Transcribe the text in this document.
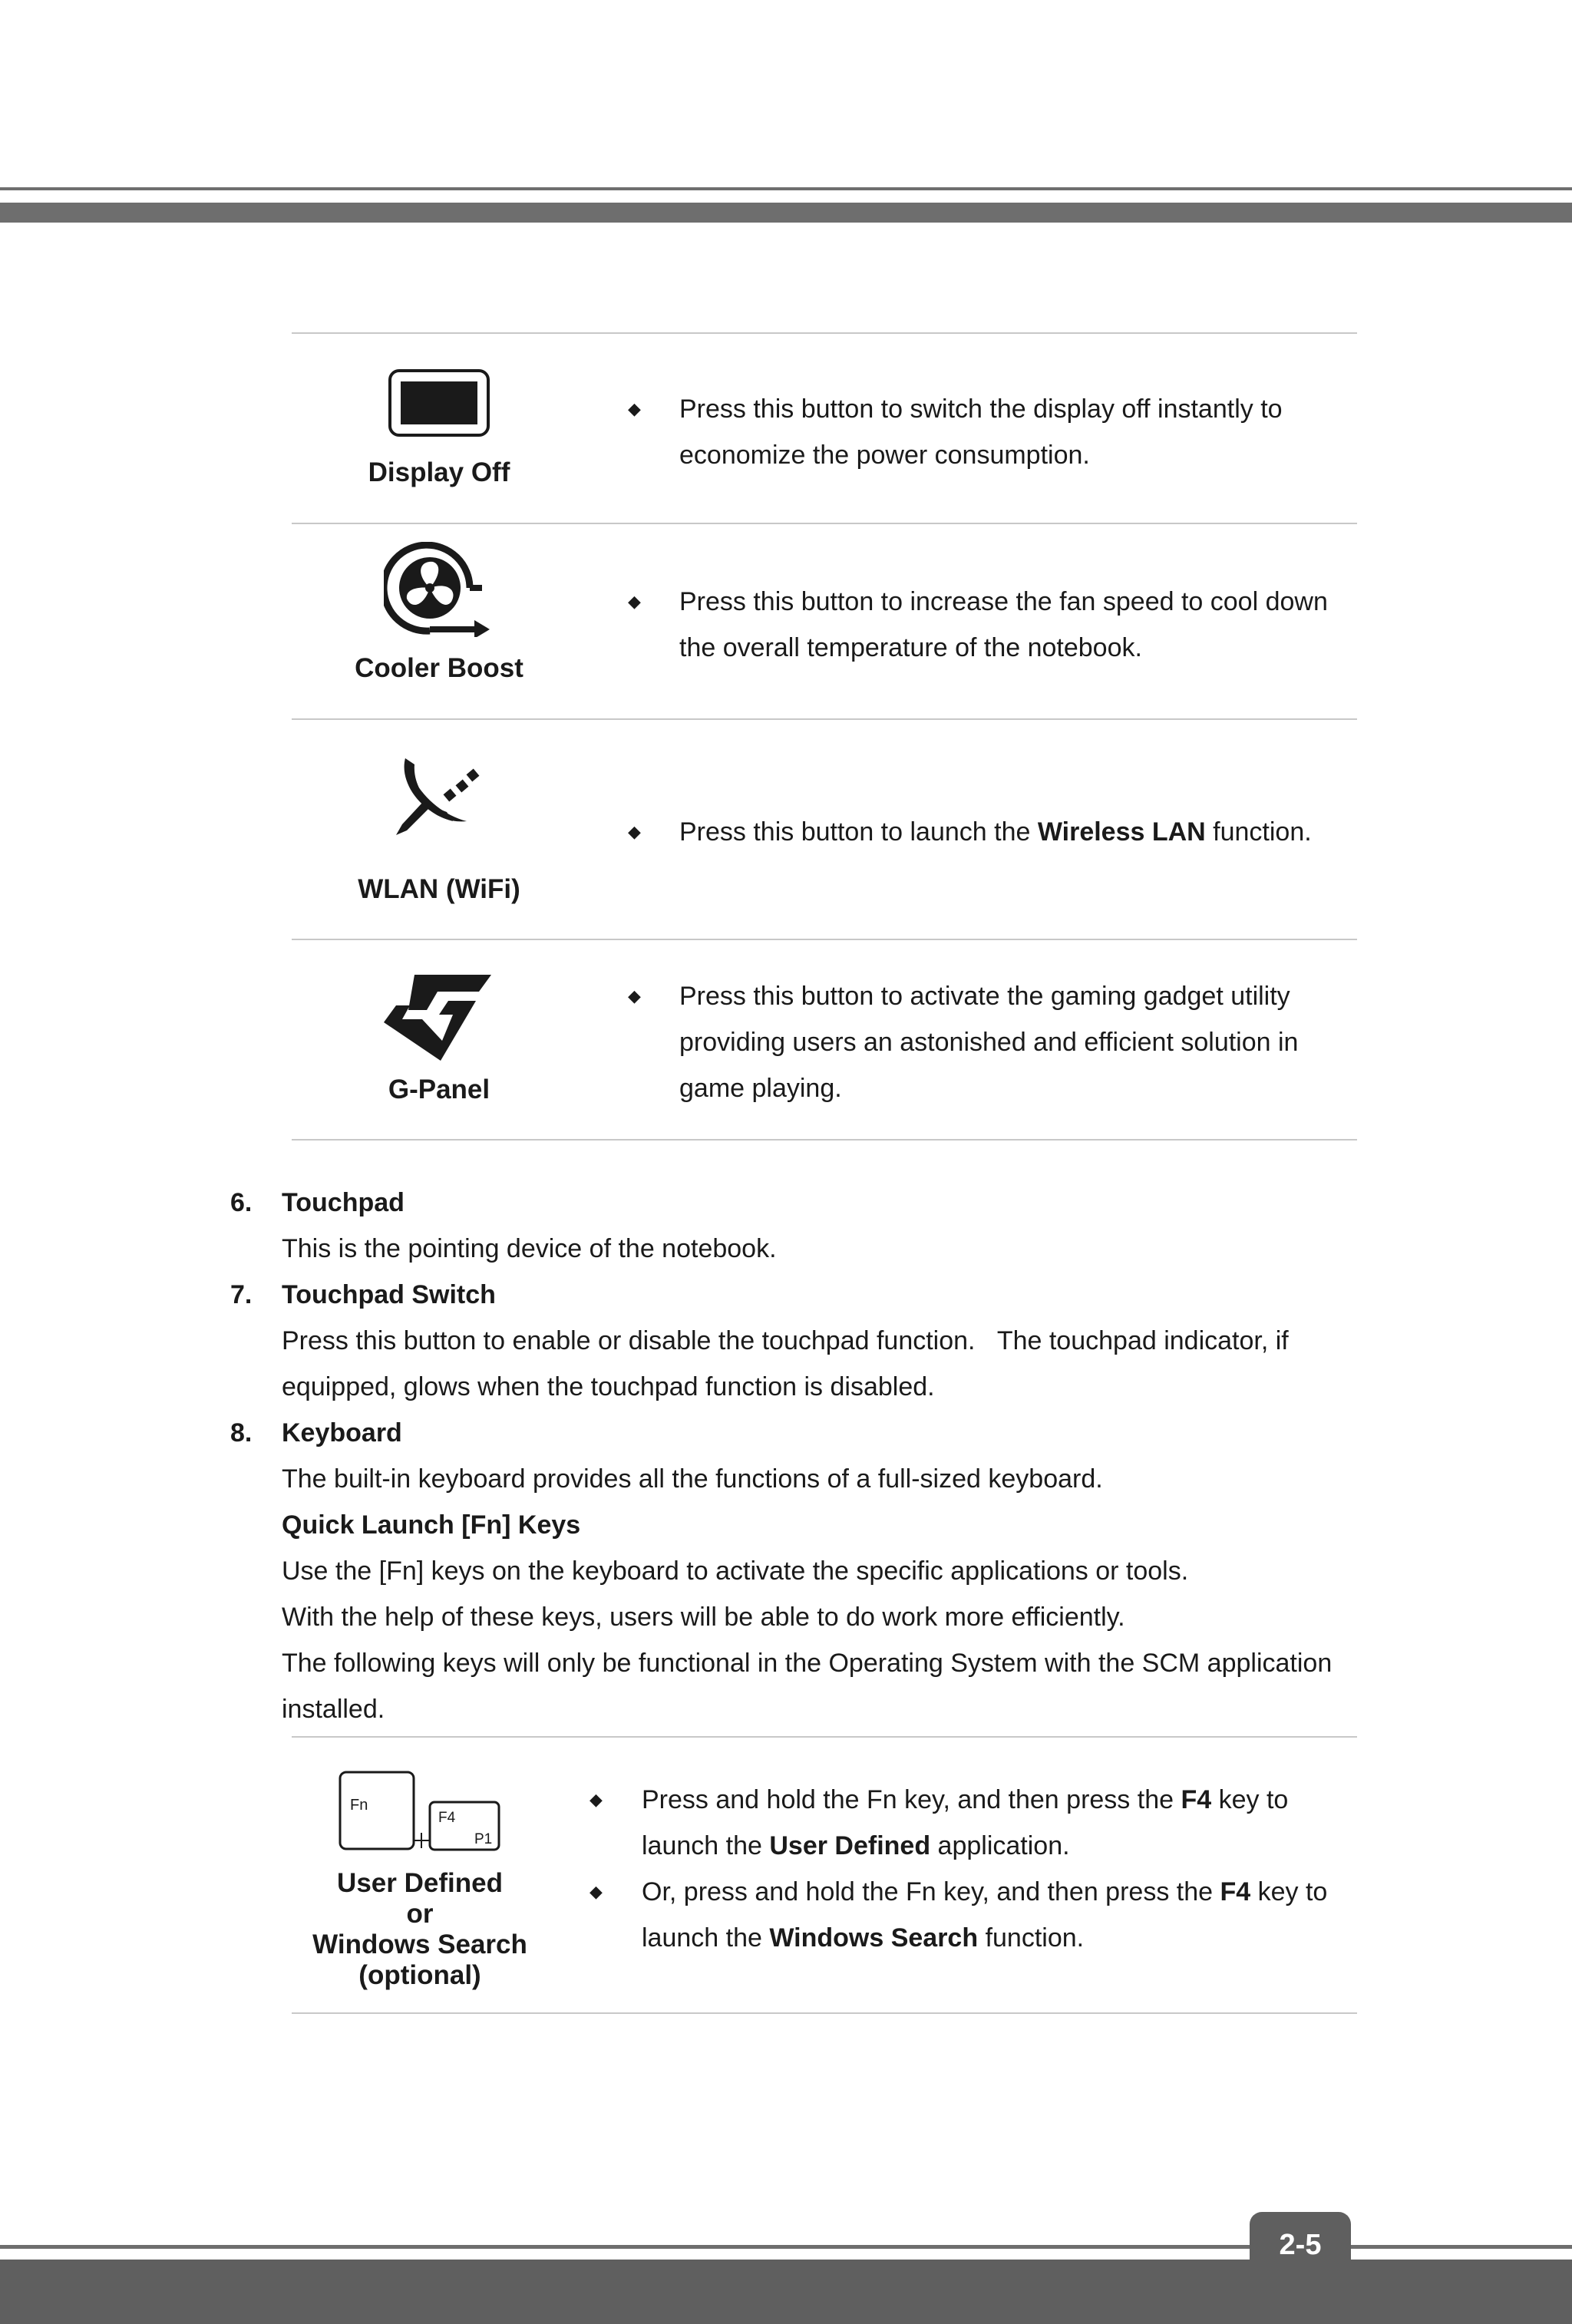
Display Off
◆ Press this button to switch the display off instantly to economize the power consumption.
Cooler Boost
◆ Press this button to increase the fan speed to cool down the overall temperature of the notebook.
WLAN (WiFi)
◆ Press this button to launch the Wireless LAN function.
G-Panel
◆ Press this button to activate the gaming gadget utility providing users an astonished and efficient solution in game playing.
6. Touchpad
This is the pointing device of the notebook.
7. Touchpad Switch
Press this button to enable or disable the touchpad function.   The touchpad indicator, if
equipped, glows when the touchpad function is disabled.
8. Keyboard
The built-in keyboard provides all the functions of a full-sized keyboard.
Quick Launch [Fn] Keys
Use the [Fn] keys on the keyboard to activate the specific applications or tools.
With the help of these keys, users will be able to do work more efficiently.
The following keys will only be functional in the Operating System with the SCM application
installed.
Fn
F4
P1
User Defined
or
Windows Search
(optional)
◆ Press and hold the Fn key, and then press the F4 key to launch the User Defined application.
◆ Or, press and hold the Fn key, and then press the F4 key to launch the Windows Search function.
2-5
